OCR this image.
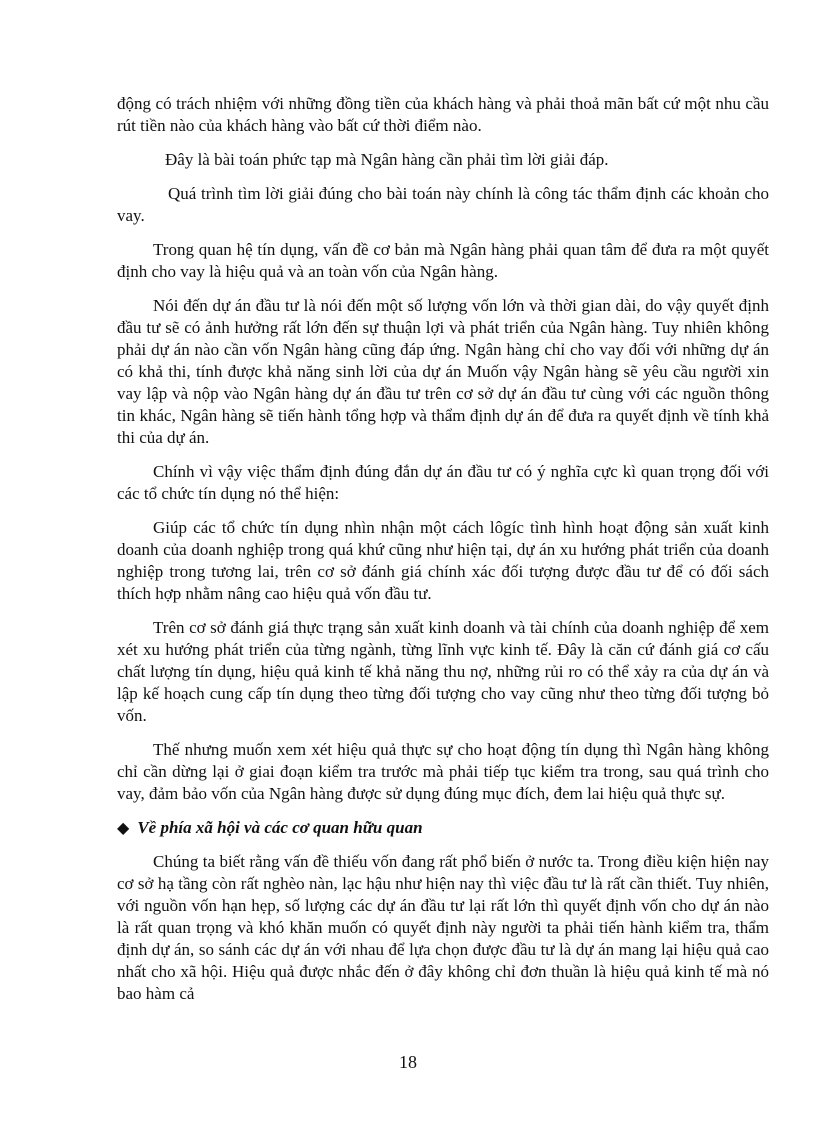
động có trách nhiệm với những đồng tiền của khách hàng và phải thoả mãn bất cứ một nhu cầu rút tiền nào của khách hàng vào bất cứ thời điểm nào.

Đây là bài toán phức tạp mà Ngân hàng cần phải tìm lời giải đáp.

Quá trình tìm lời giải đúng cho bài toán này chính là công tác thẩm định các khoản cho vay.

Trong quan hệ tín dụng, vấn đề cơ bản mà Ngân hàng phải quan tâm để đưa ra một quyết định cho vay là hiệu quả và an toàn vốn của Ngân hàng.

Nói đến dự án đầu tư là nói đến một số lượng vốn lớn và thời gian dài, do vậy quyết định đầu tư sẽ có ảnh hưởng rất lớn đến sự thuận lợi và phát triển của Ngân hàng. Tuy nhiên không phải dự án nào cần vốn Ngân hàng cũng đáp ứng. Ngân hàng chỉ cho vay đối với những dự án có khả thi, tính được khả năng sinh lời của dự án Muốn vậy Ngân hàng sẽ yêu cầu người xin vay lập và nộp vào Ngân hàng dự án đầu tư trên cơ sở dự án đầu tư cùng với các nguồn thông tin khác, Ngân hàng sẽ tiến hành tổng hợp và thẩm định dự án để đưa ra quyết định về tính khả thi của dự án.

Chính vì vậy việc thẩm định đúng đắn dự án đầu tư có ý nghĩa cực kì quan trọng đối với các tổ chức tín dụng nó thể hiện:

Giúp các tổ chức tín dụng nhìn nhận một cách lôgíc tình hình hoạt động sản xuất kinh doanh của doanh nghiệp trong quá khứ cũng như hiện tại, dự án xu hướng phát triển của doanh nghiệp trong tương lai, trên cơ sở đánh giá chính xác đối tượng được đầu tư để có đối sách thích hợp nhằm nâng cao hiệu quả vốn đầu tư.

Trên cơ sở đánh giá thực trạng sản xuất kinh doanh và tài chính của doanh nghiệp để xem xét xu hướng phát triển của từng ngành, từng lĩnh vực kinh tế. Đây là căn cứ đánh giá cơ cấu chất lượng tín dụng, hiệu quả kinh tế khả năng thu nợ, những rủi ro có thể xảy ra của dự án và lập kế hoạch cung cấp tín dụng theo từng đối tượng cho vay cũng như theo từng đối tượng bỏ vốn.

Thế nhưng muốn xem xét hiệu quả thực sự cho hoạt động tín dụng thì Ngân hàng không chỉ cần dừng lại ở giai đoạn kiểm tra trước mà phải tiếp tục kiểm tra trong, sau quá trình cho vay, đảm bảo vốn của Ngân hàng được sử dụng đúng mục đích, đem lai hiệu quả thực sự.

◆ Về phía xã hội và các cơ quan hữu quan

Chúng ta biết rằng vấn đề thiếu vốn đang rất phổ biến ở nước ta. Trong điều kiện hiện nay cơ sở hạ tầng còn rất nghèo nàn, lạc hậu như hiện nay thì việc đầu tư là rất cần thiết. Tuy nhiên, với nguồn vốn hạn hẹp, số lượng các dự án đầu tư lại rất lớn thì quyết định vốn cho dự án nào là rất quan trọng và khó khăn muốn có quyết định này người ta phải tiến hành kiểm tra, thẩm định dự án, so sánh các dự án với nhau để lựa chọn được đầu tư là dự án mang lại hiệu quả cao nhất cho xã hội. Hiệu quả được nhắc đến ở đây không chỉ đơn thuần là hiệu quả kinh tế mà nó bao hàm cả

18
